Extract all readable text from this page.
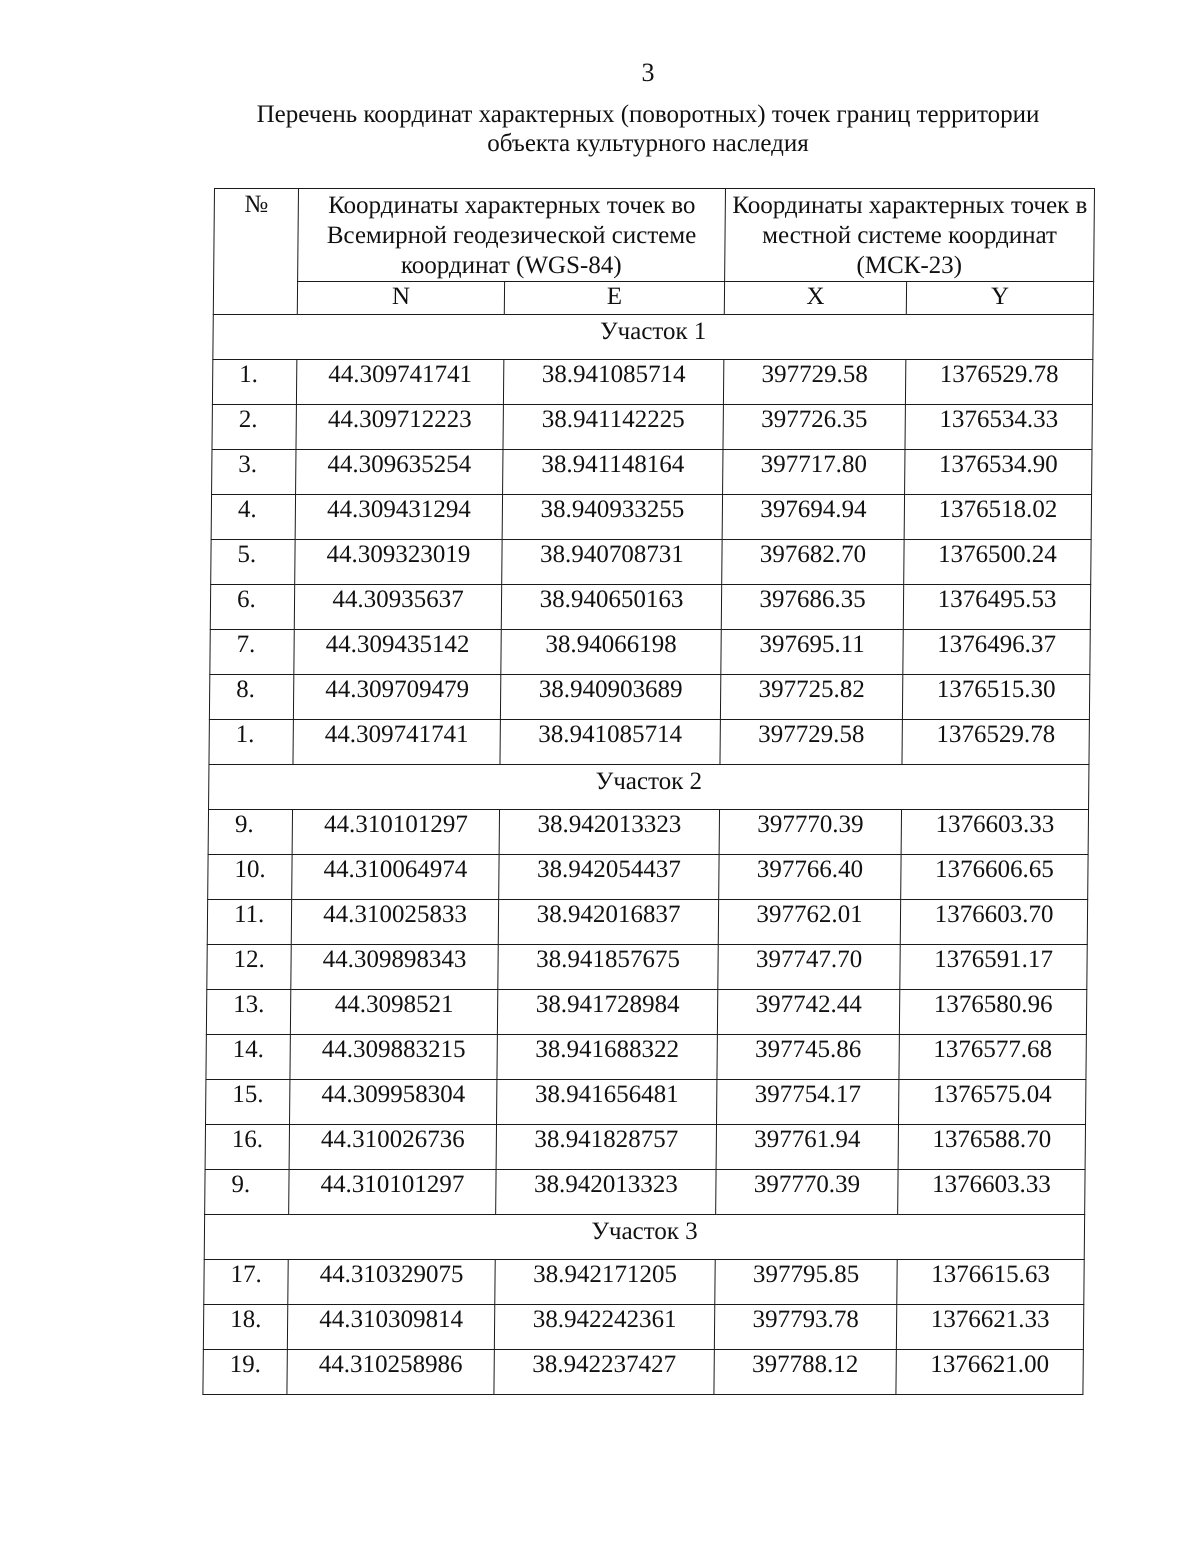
3
Перечень координат характерных (поворотных) точек границ территории
объекта культурного наследия
№	Координаты характерных точек во Всемирной геодезической системе координат (WGS-84)		Координаты характерных точек в местной системе координат (МСК-23)	
	N	E	X	Y
Участок 1				
1.	44.309741741	38.941085714	397729.58	1376529.78
2.	44.309712223	38.941142225	397726.35	1376534.33
3.	44.309635254	38.941148164	397717.80	1376534.90
4.	44.309431294	38.940933255	397694.94	1376518.02
5.	44.309323019	38.940708731	397682.70	1376500.24
6.	44.30935637	38.940650163	397686.35	1376495.53
7.	44.309435142	38.94066198	397695.11	1376496.37
8.	44.309709479	38.940903689	397725.82	1376515.30
1.	44.309741741	38.941085714	397729.58	1376529.78
Участок 2				
9.	44.310101297	38.942013323	397770.39	1376603.33
10.	44.310064974	38.942054437	397766.40	1376606.65
11.	44.310025833	38.942016837	397762.01	1376603.70
12.	44.309898343	38.941857675	397747.70	1376591.17
13.	44.3098521	38.941728984	397742.44	1376580.96
14.	44.309883215	38.941688322	397745.86	1376577.68
15.	44.309958304	38.941656481	397754.17	1376575.04
16.	44.310026736	38.941828757	397761.94	1376588.70
9.	44.310101297	38.942013323	397770.39	1376603.33
Участок 3				
17.	44.310329075	38.942171205	397795.85	1376615.63
18.	44.310309814	38.942242361	397793.78	1376621.33
19.	44.310258986	38.942237427	397788.12	1376621.00
